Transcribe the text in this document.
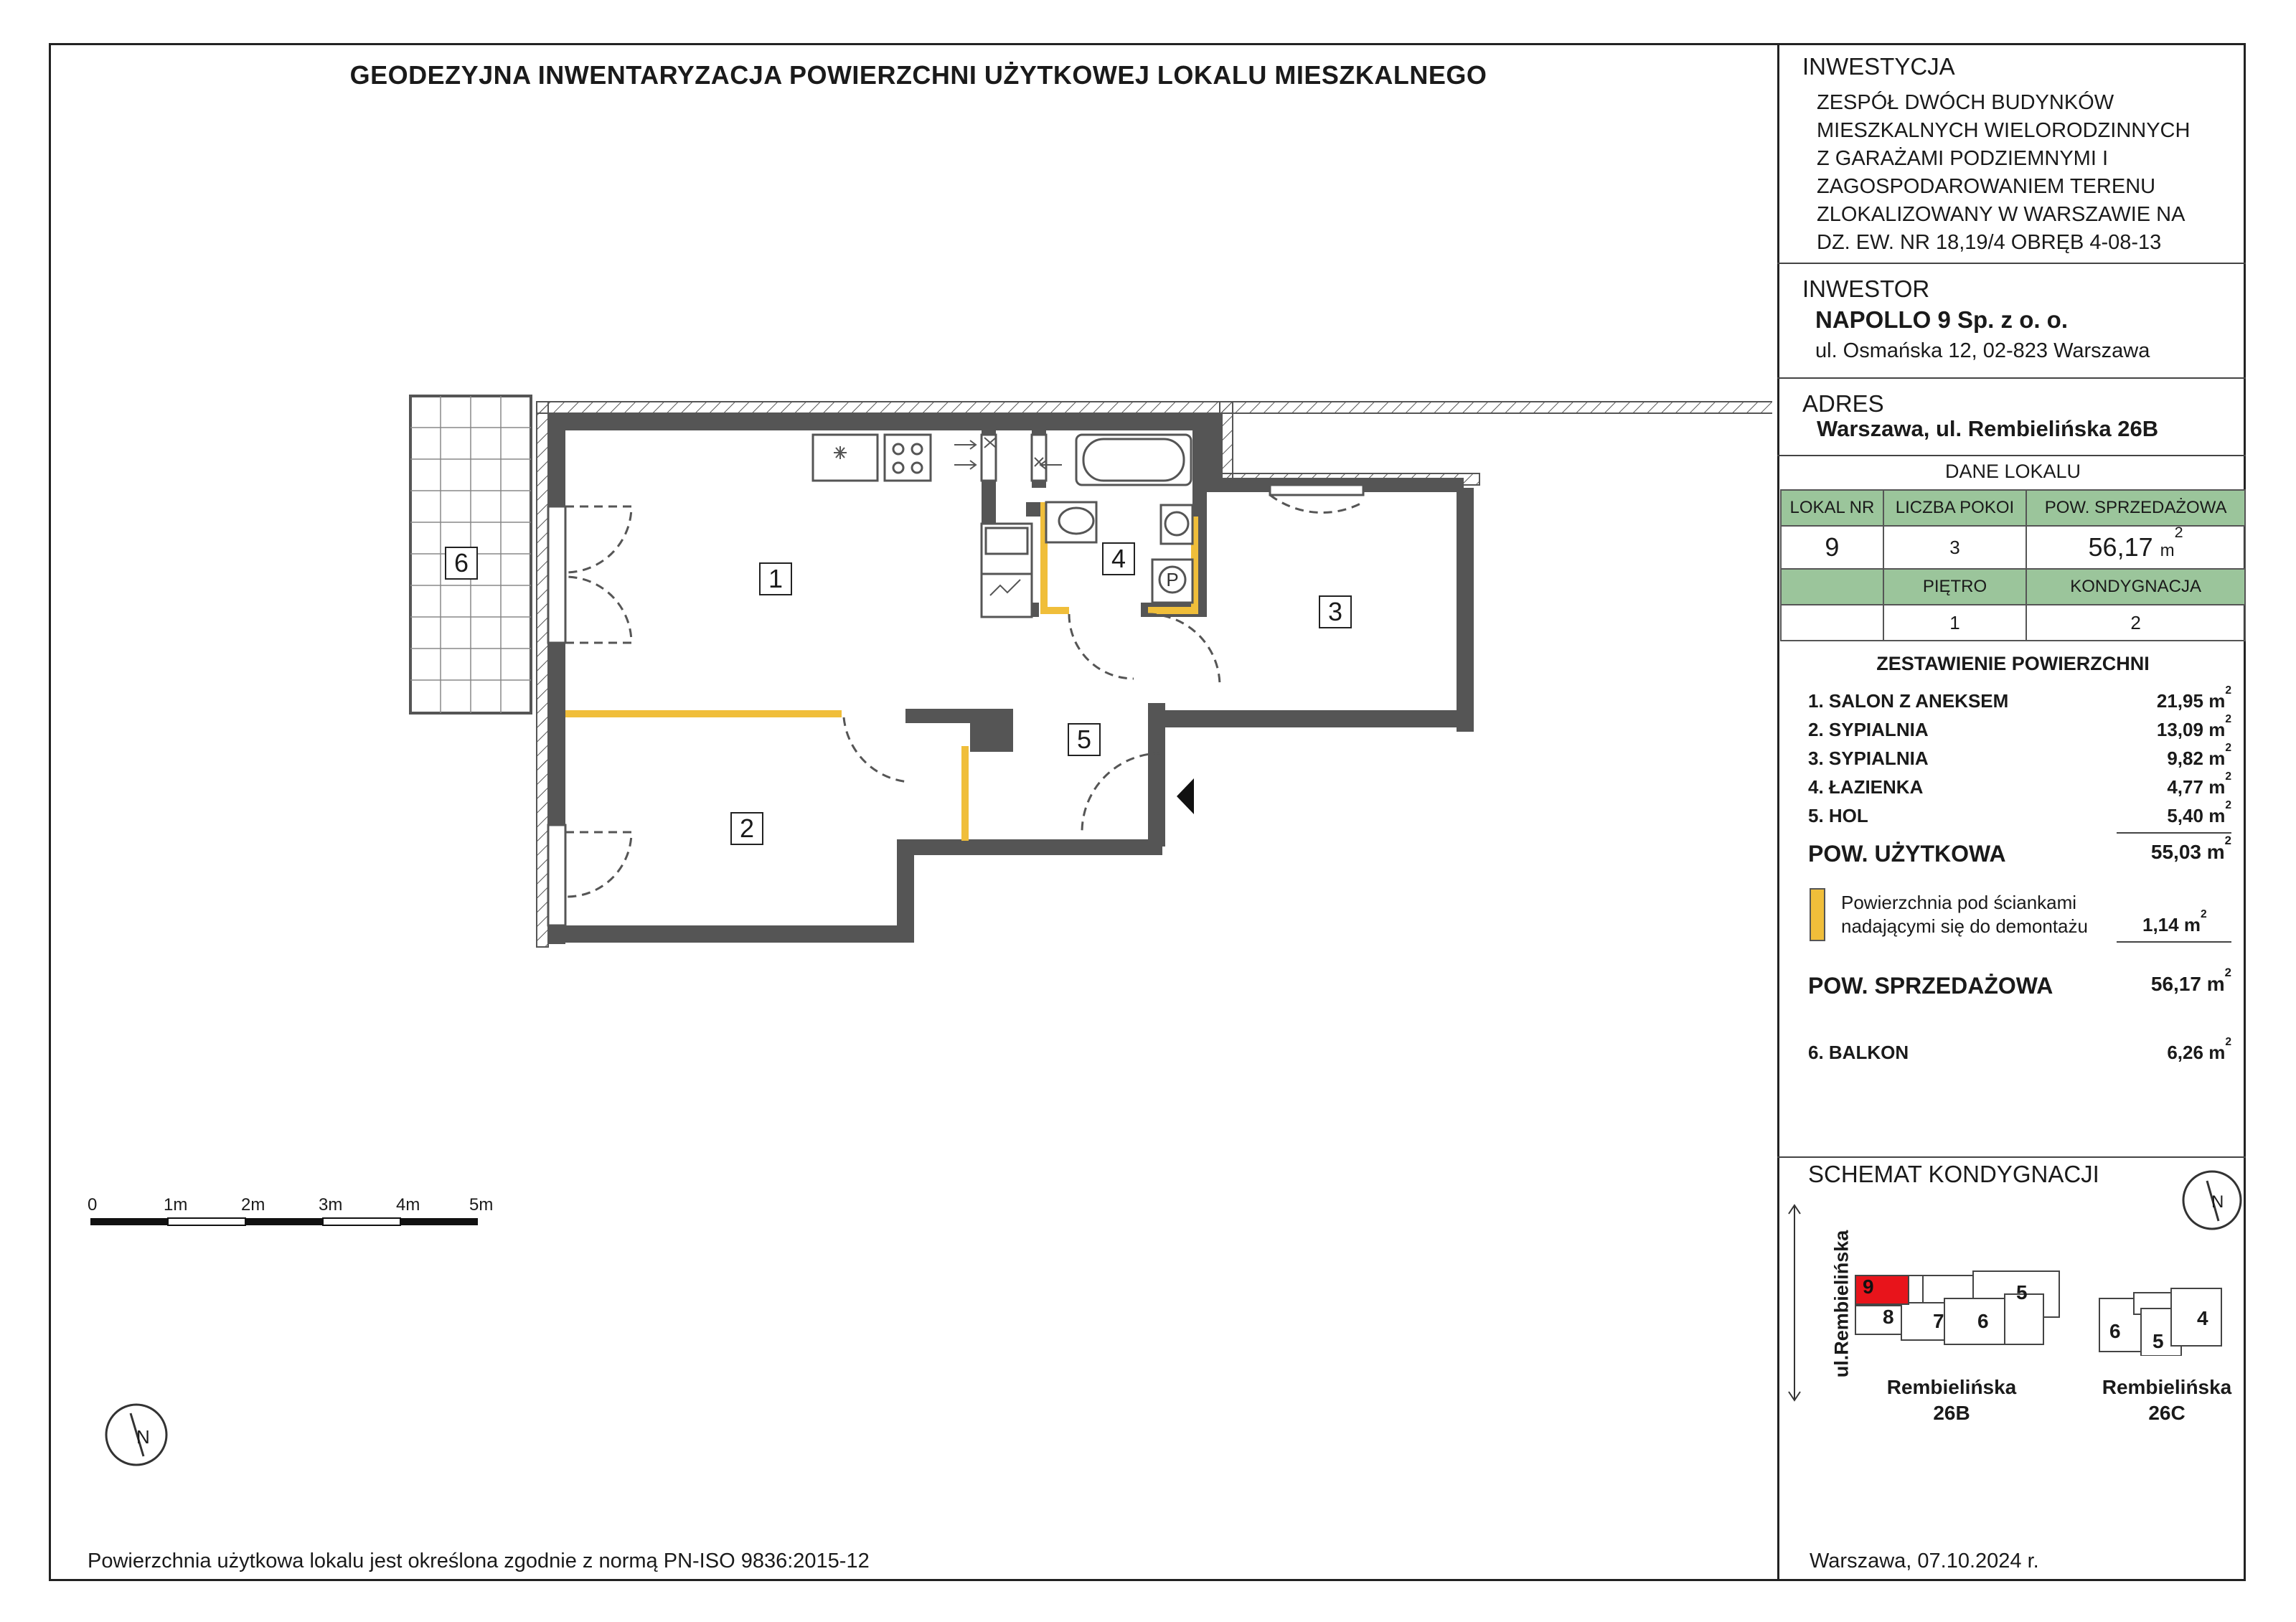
GEODEZYJNA INWENTARYZACJA POWIERZCHNI UŻYTKOWEJ LOKALU MIESZKALNEGO
P
1
2
3
4
5
6
N
0	1m	2m	3m	4m	5m
Powierzchnia użytkowa lokalu jest określona zgodnie z normą PN-ISO 9836:2015-12
INWESTYCJA
ZESPÓŁ DWÓCH BUDYNKÓW
MIESZKALNYCH WIELORODZINNYCH
Z GARAŻAMI PODZIEMNYMI I
ZAGOSPODAROWANIEM TERENU
ZLOKALIZOWANY W WARSZAWIE NA
DZ. EW. NR 18,19/4 OBRĘB 4-08-13
INWESTOR
NAPOLLO 9 Sp. z o. o.
ul. Osmańska 12, 02-823 Warszawa
ADRES
Warszawa, ul. Rembielińska 26B
DANE LOKALU
LOKAL NR	LICZBA POKOI	POW. SPRZEDAŻOWA
9	3	56,17 $m^2$
	PIĘTRO	KONDYGNACJA
	1	2
ZESTAWIENIE POWIERZCHNI
1. SALON Z ANEKSEM	21,95 $m^2$
2. SYPIALNIA	13,09 $m^2$
3. SYPIALNIA	9,82 $m^2$
4. ŁAZIENKA	4,77 $m^2$
5. HOL	5,40 $m^2$
POW. UŻYTKOWA	55,03 $m^2$
Powierzchnia pod ściankami
nadającymi się do demontażu	1,14 $m^2$
POW. SPRZEDAŻOWA	56,17 $m^2$
6. BALKON	6,26 $m^2$
SCHEMAT KONDYGNACJI
N
ul.Rembielińska 9
8 7 6
5
6 5
4
Rembielińska
26B
Rembielińska
26C
Warszawa, 07.10.2024 r.
